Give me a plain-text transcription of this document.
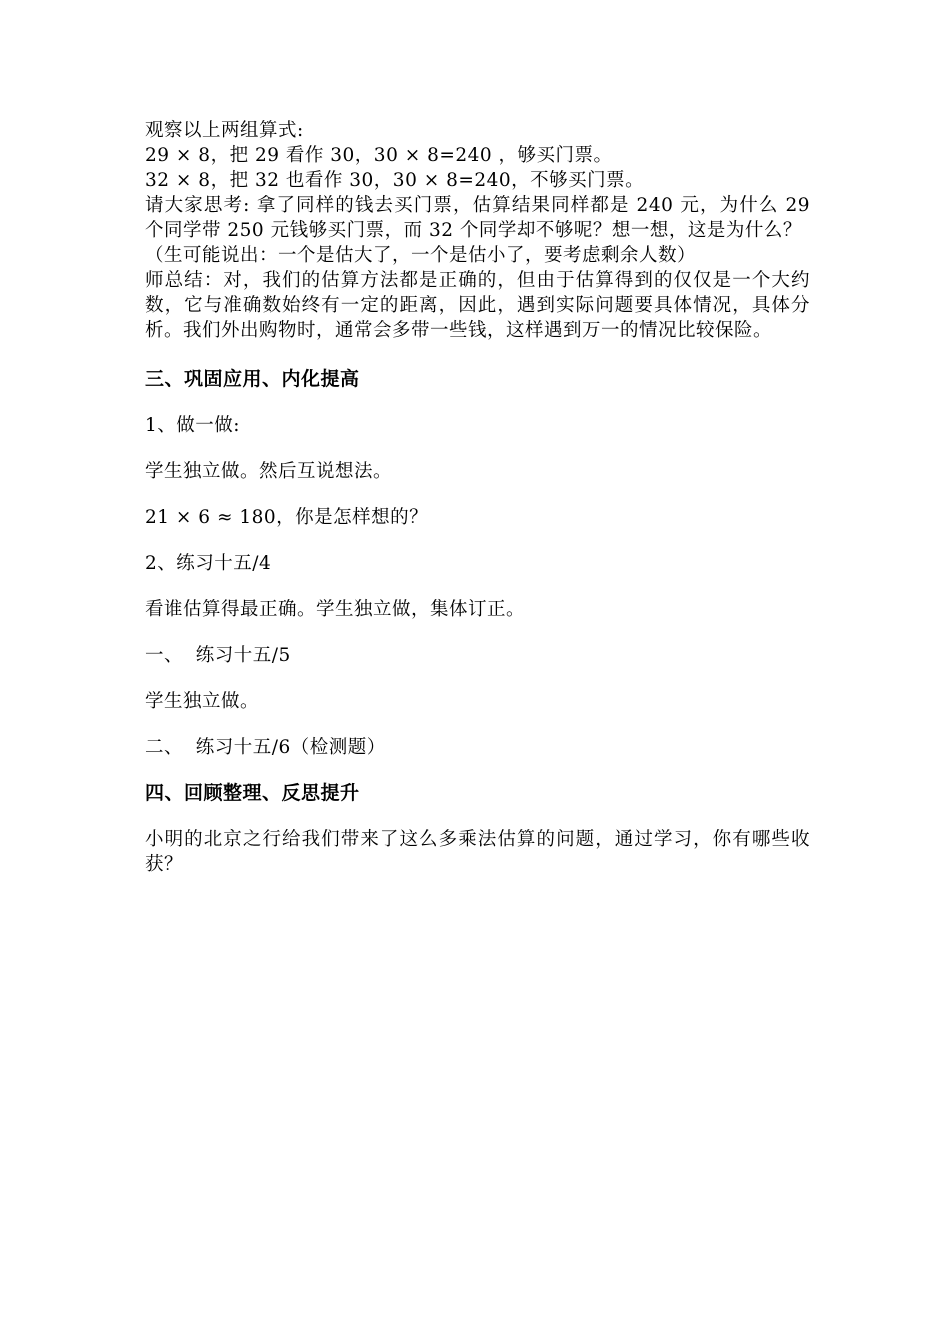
观察以上两组算式:
29 × 8，把 29 看作 30，30 × 8=240 ，够买门票。
32 × 8，把 32 也看作 30，30 × 8=240，不够买门票。
请大家思考: 拿了同样的钱去买门票，估算结果同样都是 240 元，为什么 29 个同学带 250 元钱够买门票，而 32 个同学却不够呢？想一想，这是为什么？
（生可能说出：一个是估大了，一个是估小了，要考虑剩余人数）
师总结：对，我们的估算方法都是正确的，但由于估算得到的仅仅是一个大约数，它与准确数始终有一定的距离，因此，遇到实际问题要具体情况，具体分析。我们外出购物时，通常会多带一些钱，这样遇到万一的情况比较保险。
三、巩固应用、内化提高
1、做一做:
学生独立做。然后互说想法。
21 × 6 ≈ 180，你是怎样想的？
2、练习十五/4
看谁估算得最正确。学生独立做，集体订正。
一、  练习十五/5
学生独立做。
二、  练习十五/6（检测题）
四、回顾整理、反思提升
小明的北京之行给我们带来了这么多乘法估算的问题，通过学习，你有哪些收获？
